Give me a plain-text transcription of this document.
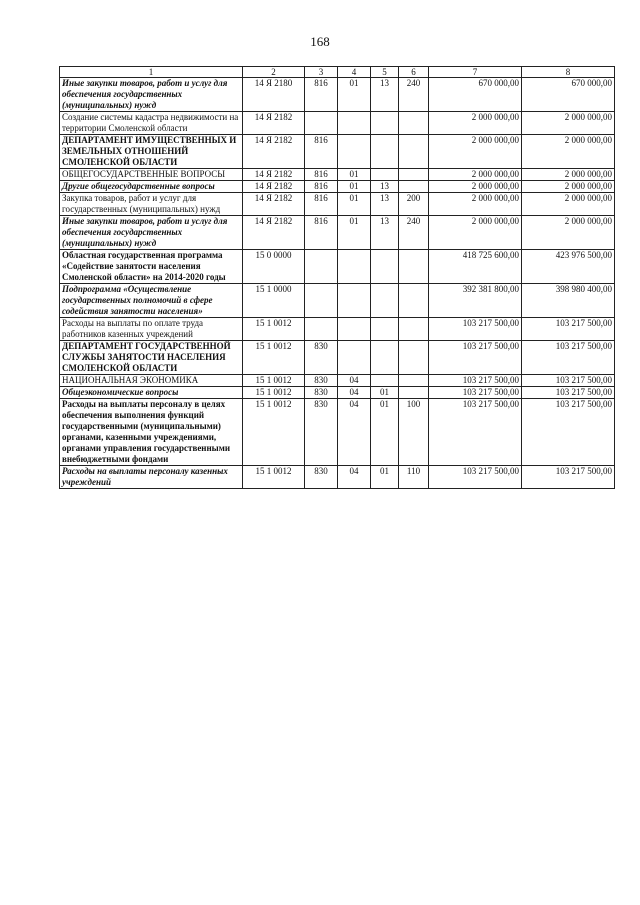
168
1	2	3	4	5	6	7	8
Иные закупки товаров, работ и услуг для обеспечения государственных (муниципальных) нужд	14 Я 2180	816	01	13	240	670 000,00	670 000,00
Создание системы кадастра недвижимости на территории Смоленской области	14 Я 2182					2 000 000,00	2 000 000,00
ДЕПАРТАМЕНТ ИМУЩЕСТВЕННЫХ И ЗЕМЕЛЬНЫХ ОТНОШЕНИЙ СМОЛЕНСКОЙ ОБЛАСТИ	14 Я 2182	816				2 000 000,00	2 000 000,00
ОБЩЕГОСУДАРСТВЕННЫЕ ВОПРОСЫ	14 Я 2182	816	01			2 000 000,00	2 000 000,00
Другие общегосударственные вопросы	14 Я 2182	816	01	13		2 000 000,00	2 000 000,00
Закупка товаров, работ и услуг для государственных (муниципальных) нужд	14 Я 2182	816	01	13	200	2 000 000,00	2 000 000,00
Иные закупки товаров, работ и услуг для обеспечения государственных (муниципальных) нужд	14 Я 2182	816	01	13	240	2 000 000,00	2 000 000,00
Областная государственная программа «Содействие занятости населения Смоленской области» на 2014-2020 годы	15 0 0000					418 725 600,00	423 976 500,00
Подпрограмма «Осуществление государственных полномочий в сфере содействия занятости населения»	15 1 0000					392 381 800,00	398 980 400,00
Расходы на выплаты по оплате труда работников казенных учреждений	15 1 0012					103 217 500,00	103 217 500,00
ДЕПАРТАМЕНТ ГОСУДАРСТВЕННОЙ СЛУЖБЫ ЗАНЯТОСТИ НАСЕЛЕНИЯ СМОЛЕНСКОЙ ОБЛАСТИ	15 1 0012	830				103 217 500,00	103 217 500,00
НАЦИОНАЛЬНАЯ ЭКОНОМИКА	15 1 0012	830	04			103 217 500,00	103 217 500,00
Общеэкономические вопросы	15 1 0012	830	04	01		103 217 500,00	103 217 500,00
Расходы на выплаты персоналу в целях обеспечения выполнения функций государственными (муниципальными) органами, казенными учреждениями, органами управления государственными внебюджетными фондами	15 1 0012	830	04	01	100	103 217 500,00	103 217 500,00
Расходы на выплаты персоналу казенных учреждений	15 1 0012	830	04	01	110	103 217 500,00	103 217 500,00
